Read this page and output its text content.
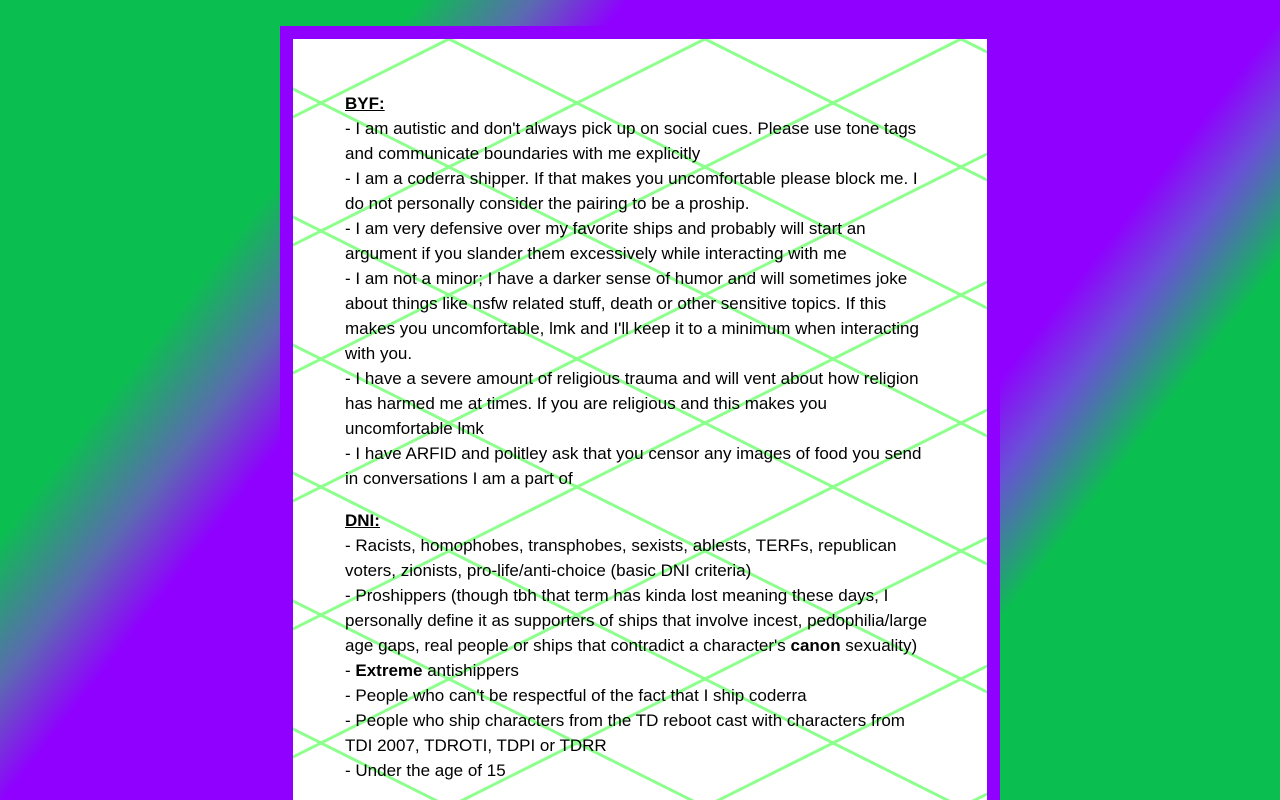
BYF:

- I am autistic and don't always pick up on social cues. Please use tone tags and communicate boundaries with me explicitly

- I am a coderra shipper. If that makes you uncomfortable please block me. I do not personally consider the pairing to be a proship.

- I am very defensive over my favorite ships and probably will start an argument if you slander them excessively while interacting with me

- I am not a minor; I have a darker sense of humor and will sometimes joke about things like nsfw related stuff, death or other sensitive topics. If this makes you uncomfortable, lmk and I'll keep it to a minimum when interacting with you.

- I have a severe amount of religious trauma and will vent about how religion has harmed me at times. If you are religious and this makes you uncomfortable lmk

- I have ARFID and politley ask that you censor any images of food you send in conversations I am a part of

DNI:

- Racists, homophobes, transphobes, sexists, ablests, TERFs, republican voters, zionists, pro-life/anti-choice (basic DNI criteria)

- Proshippers (though tbh that term has kinda lost meaning these days, I personally define it as supporters of ships that involve incest, pedophilia/large age gaps, real people or ships that contradict a character's canon sexuality)

- Extreme antishippers

- People who can't be respectful of the fact that I ship coderra

- People who ship characters from the TD reboot cast with characters from TDI 2007, TDROTI, TDPI or TDRR

- Under the age of 15
